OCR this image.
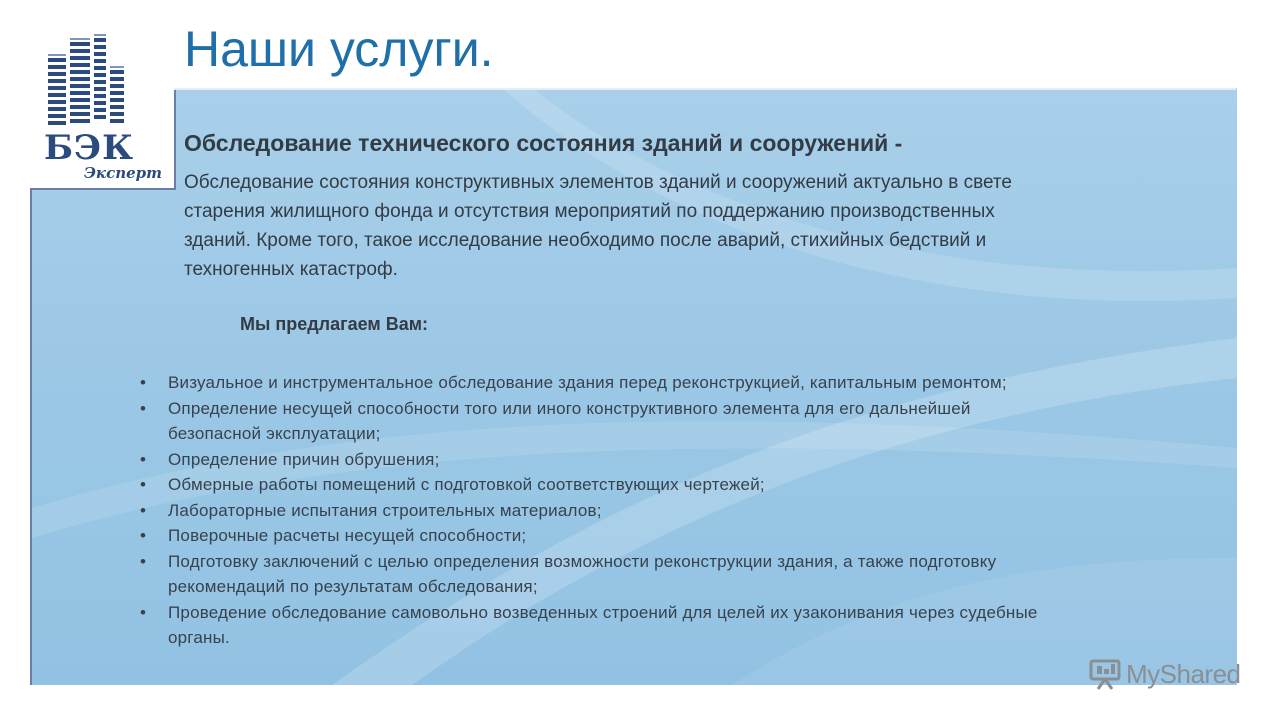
БЭК
Эксперт
Наши услуги.
Обследование технического состояния зданий и сооружений -
Обследование состояния конструктивных элементов зданий и сооружений актуально в свете
старения жилищного фонда и отсутствия мероприятий по поддержанию производственных
зданий. Кроме того, такое исследование необходимо после аварий, стихийных бедствий и
техногенных катастроф.
Мы предлагаем Вам:
• Визуальное и инструментальное обследование здания перед реконструкцией, капитальным ремонтом;
• Определение несущей способности того или иного конструктивного элемента для его дальнейшей
безопасной эксплуатации;
• Определение причин обрушения;
• Обмерные работы помещений с подготовкой соответствующих чертежей;
• Лабораторные испытания строительных материалов;
• Поверочные расчеты несущей способности;
• Подготовку заключений с целью определения возможности реконструкции здания, а также подготовку
рекомендаций по результатам обследования;
• Проведение обследование самовольно возведенных строений для целей их узаконивания через судебные
органы.
MyShared
